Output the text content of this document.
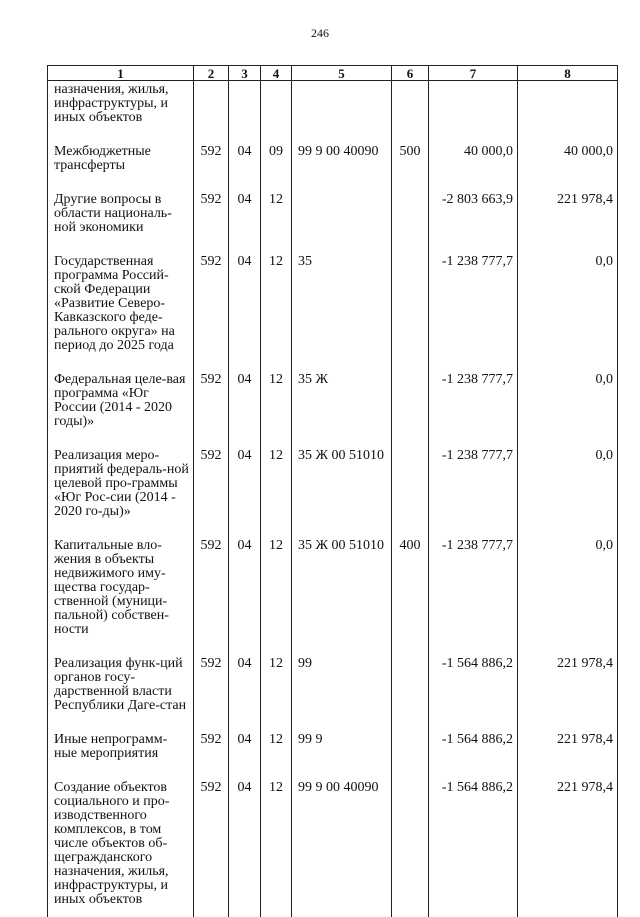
246
1	2	3	4	5	6	7	8
назначения, жилья, инфраструктуры, и иных объектов							
Межбюджетные трансферты	592	04	09	99 9 00 40090	500	40 000,0	40 000,0
Другие вопросы в области националь-ной экономики	592	04	12			-2 803 663,9	221 978,4
Государственная программа Россий-ской Федерации «Развитие Северо-Кавказского феде-рального округа» на период до 2025 года	592	04	12	35		-1 238 777,7	0,0
Федеральная целе-вая программа «Юг России (2014 - 2020 годы)»	592	04	12	35 Ж		-1 238 777,7	0,0
Реализация меро-приятий федераль-ной целевой про-граммы «Юг Рос-сии (2014 - 2020 го-ды)»	592	04	12	35 Ж 00 51010		-1 238 777,7	0,0
Капитальные вло-жения в объекты недвижимого иму-щества государ-ственной (муници-пальной) собствен-ности	592	04	12	35 Ж 00 51010	400	-1 238 777,7	0,0
Реализация функ-ций органов госу-дарственной власти Республики Даге-стан	592	04	12	99		-1 564 886,2	221 978,4
Иные непрограмм-ные мероприятия	592	04	12	99 9		-1 564 886,2	221 978,4
Создание объектов социального и про-изводственного комплексов, в том числе объектов об-щегражданского назначения, жилья, инфраструктуры, и иных объектов	592	04	12	99 9 00 40090		-1 564 886,2	221 978,4
